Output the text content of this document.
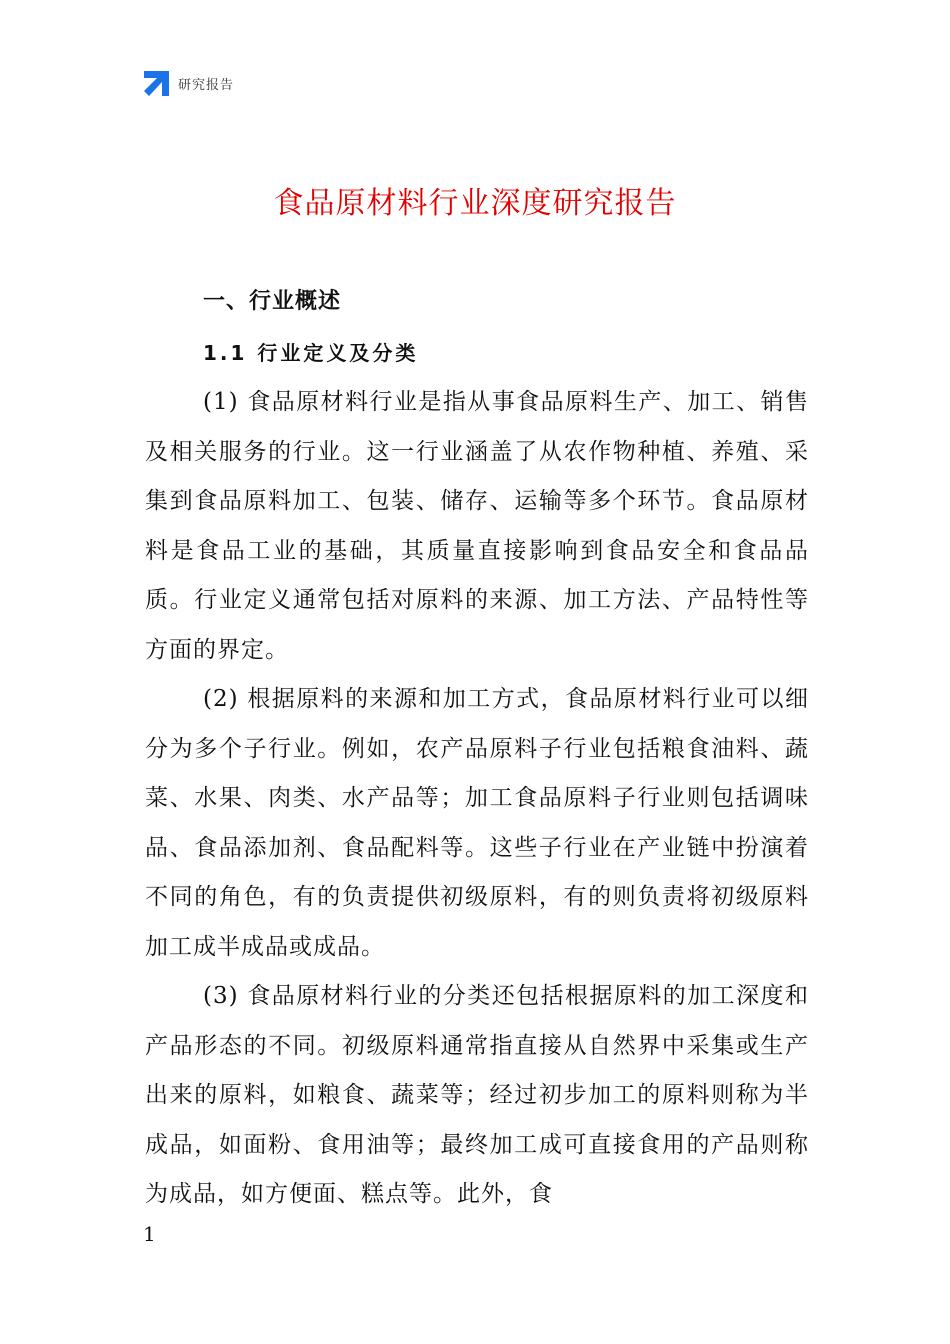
研究报告
食品原材料行业深度研究报告
一、行业概述
1.1 行业定义及分类

(1) 食品原材料行业是指从事食品原料生产、加工、销售及相关服务的行业。这一行业涵盖了从农作物种植、养殖、采集到食品原料加工、包装、储存、运输等多个环节。食品原材料是食品工业的基础，其质量直接影响到食品安全和食品品质。行业定义通常包括对原料的来源、加工方法、产品特性等方面的界定。

(2) 根据原料的来源和加工方式，食品原材料行业可以细分为多个子行业。例如，农产品原料子行业包括粮食油料、蔬菜、水果、肉类、水产品等；加工食品原料子行业则包括调味品、食品添加剂、食品配料等。这些子行业在产业链中扮演着不同的角色，有的负责提供初级原料，有的则负责将初级原料加工成半成品或成品。

(3) 食品原材料行业的分类还包括根据原料的加工深度和产品形态的不同。初级原料通常指直接从自然界中采集或生产出来的原料，如粮食、蔬菜等；经过初步加工的原料则称为半成品，如面粉、食用油等；最终加工成可直接食用的产品则称为成品，如方便面、糕点等。此外，食

1
